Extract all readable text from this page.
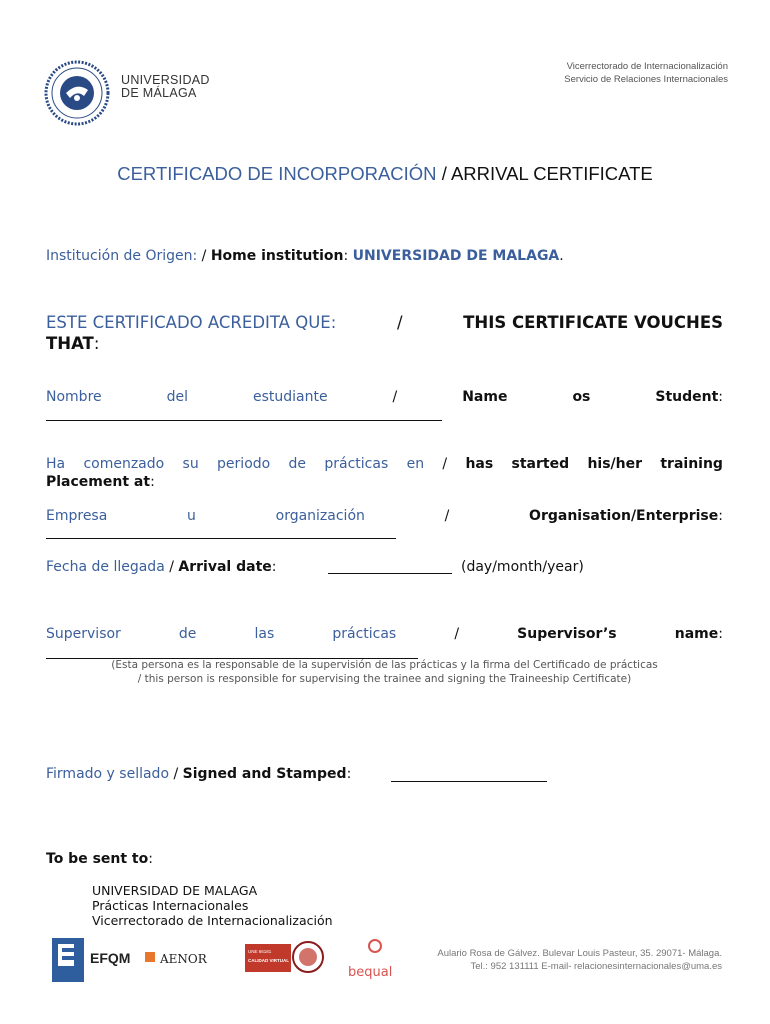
UNIVERSIDAD
DE MÁLAGA
Vicerrectorado de Internacionalización
Servicio de Relaciones Internacionales
CERTIFICADO DE INCORPORACIÓN / ARRIVAL CERTIFICATE
Institución de Origen: / Home institution: UNIVERSIDAD DE MALAGA.
ESTE CERTIFICADO ACREDITA QUE:	/	THIS CERTIFICATE VOUCHES
THAT:
Nombre	del	estudiante	/	Name	os	Student:
Ha comenzado su periodo de prácticas en / has started his/her training
Placement at:
Empresa	u	organización	/	Organisation/Enterprise:
Fecha de llegada / Arrival date:	(day/month/year)
Supervisor	de	las	prácticas	/	Supervisor’s	name:
(Esta persona es la responsable de la supervisión de las prácticas y la firma del Certificado de prácticas
/ this person is responsible for supervising the trainee and signing the Traineeship Certificate)
Firmado y sellado / Signed and Stamped:
To be sent to:
UNIVERSIDAD DE MALAGA
Prácticas Internacionales
Vicerrectorado de Internacionalización
EFQM AENOR
UNE 66181
CALIDAD VIRTUAL
bequal
Aulario Rosa de Gálvez. Bulevar Louis Pasteur, 35. 29071- Málaga.
Tel.: 952 131111 E-mail- relacionesinternacionales@uma.es
